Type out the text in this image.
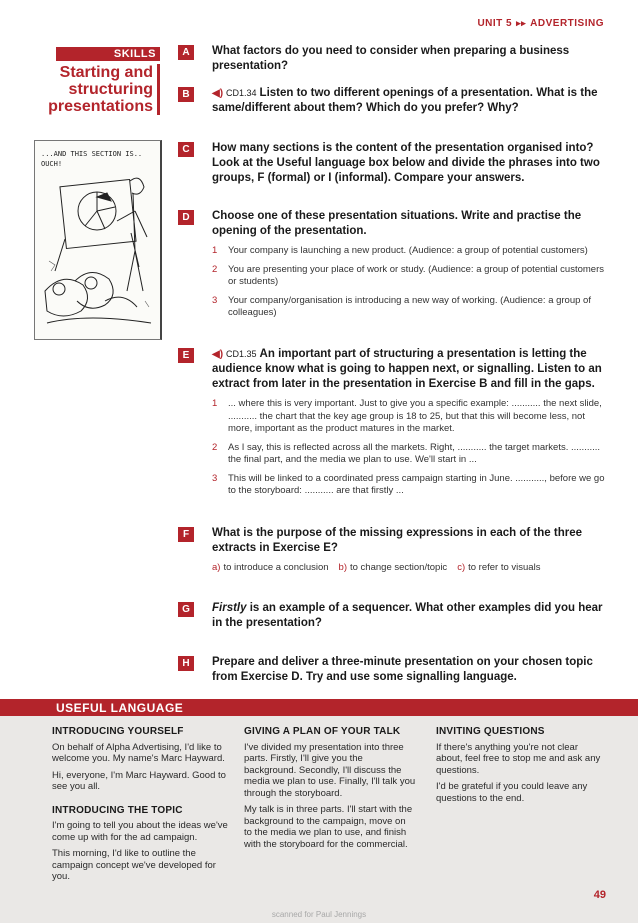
UNIT 5 ▸▸ ADVERTISING
SKILLS
Starting and
structuring
presentations
...AND THIS SECTION IS.. OUCH!
A	What factors do you need to consider when preparing a business presentation?
B	◀) CD1.34 Listen to two different openings of a presentation. What is the same/different about them? Which do you prefer? Why?
C	How many sections is the content of the presentation organised into? Look at the Useful language box below and divide the phrases into two groups, F (formal) or I (informal). Compare your answers.
D	Choose one of these presentation situations. Write and practise the opening of the presentation.
1	Your company is launching a new product. (Audience: a group of potential customers)
2	You are presenting your place of work or study. (Audience: a group of potential customers or students)
3	Your company/organisation is introducing a new way of working. (Audience: a group of colleagues)
E	◀) CD1.35 An important part of structuring a presentation is letting the audience know what is going to happen next, or signalling. Listen to an extract from later in the presentation in Exercise B and fill in the gaps.
1	... where this is very important. Just to give you a specific example: ........... the next slide, ........... the chart that the key age group is 18 to 25, but that this will become less, not more, important as the product matures in the market.
2	As I say, this is reflected across all the markets. Right, ........... the target markets. ........... the final part, and the media we plan to use. We'll start in ...
3	This will be linked to a coordinated press campaign starting in June. ..........., before we go to the storyboard: ........... are that firstly ...
F	What is the purpose of the missing expressions in each of the three extracts in Exercise E?
a) to introduce a conclusion b) to change section/topic c) to refer to visuals
G	Firstly is an example of a sequencer. What other examples did you hear in the presentation?
H	Prepare and deliver a three-minute presentation on your chosen topic from Exercise D. Try and use some signalling language.
USEFUL LANGUAGE
INTRODUCING YOURSELF

On behalf of Alpha Advertising, I'd like to welcome you. My name's Marc Hayward.

Hi, everyone, I'm Marc Hayward. Good to see you all.

INTRODUCING THE TOPIC

I'm going to tell you about the ideas we've come up with for the ad campaign.

This morning, I'd like to outline the campaign concept we've developed for you.

GIVING A PLAN OF YOUR TALK

I've divided my presentation into three parts. Firstly, I'll give you the background. Secondly, I'll discuss the media we plan to use. Finally, I'll talk you through the storyboard.

My talk is in three parts. I'll start with the background to the campaign, move on to the media we plan to use, and finish with the storyboard for the commercial.

INVITING QUESTIONS

If there's anything you're not clear about, feel free to stop me and ask any questions.

I'd be grateful if you could leave any questions to the end.

49
scanned for Paul Jennings
